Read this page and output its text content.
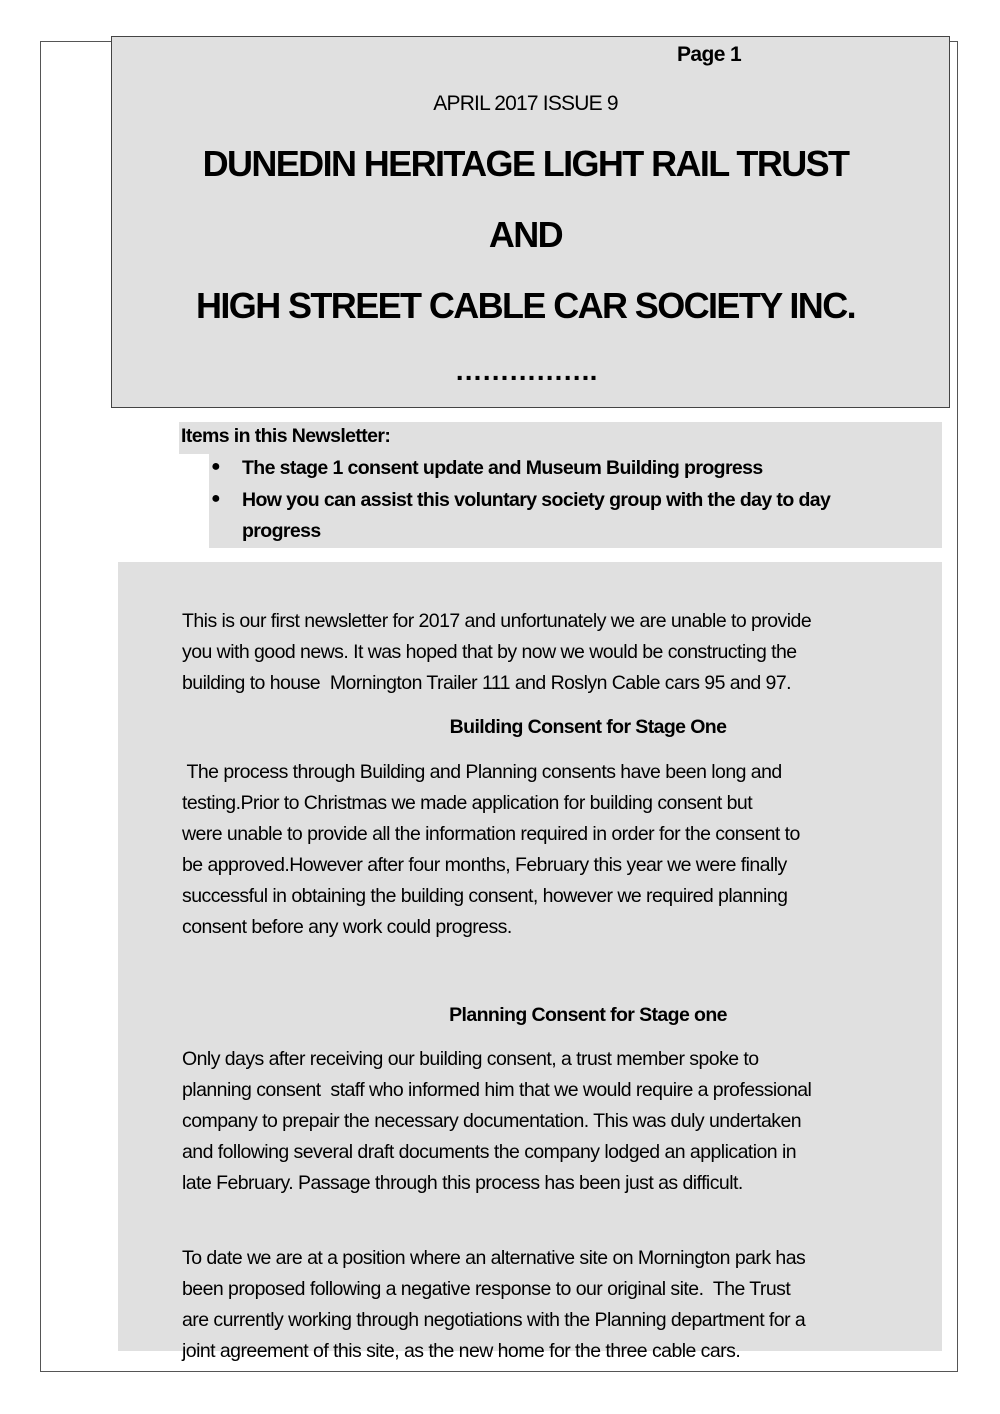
Page 1
APRIL 2017 ISSUE 9
DUNEDIN HERITAGE LIGHT RAIL TRUST
AND
HIGH STREET CABLE CAR SOCIETY INC.
…………….
Items in this Newsletter:
● The stage 1 consent update and Museum Building progress
● How you can assist this voluntary society group with the day to day
progress
This is our first newsletter for 2017 and unfortunately we are unable to provide
you with good news. It was hoped that by now we would be constructing the
building to house  Mornington Trailer 111 and Roslyn Cable cars 95 and 97.
Building Consent for Stage One
The process through Building and Planning consents have been long and
testing.Prior to Christmas we made application for building consent but
were unable to provide all the information required in order for the consent to
be approved.However after four months, February this year we were finally
successful in obtaining the building consent, however we required planning
consent before any work could progress.
Planning Consent for Stage one
Only days after receiving our building consent, a trust member spoke to
planning consent  staff who informed him that we would require a professional
company to prepair the necessary documentation. This was duly undertaken
and following several draft documents the company lodged an application in
late February. Passage through this process has been just as difficult.
To date we are at a position where an alternative site on Mornington park has
been proposed following a negative response to our original site.  The Trust
are currently working through negotiations with the Planning department for a
joint agreement of this site, as the new home for the three cable cars.
